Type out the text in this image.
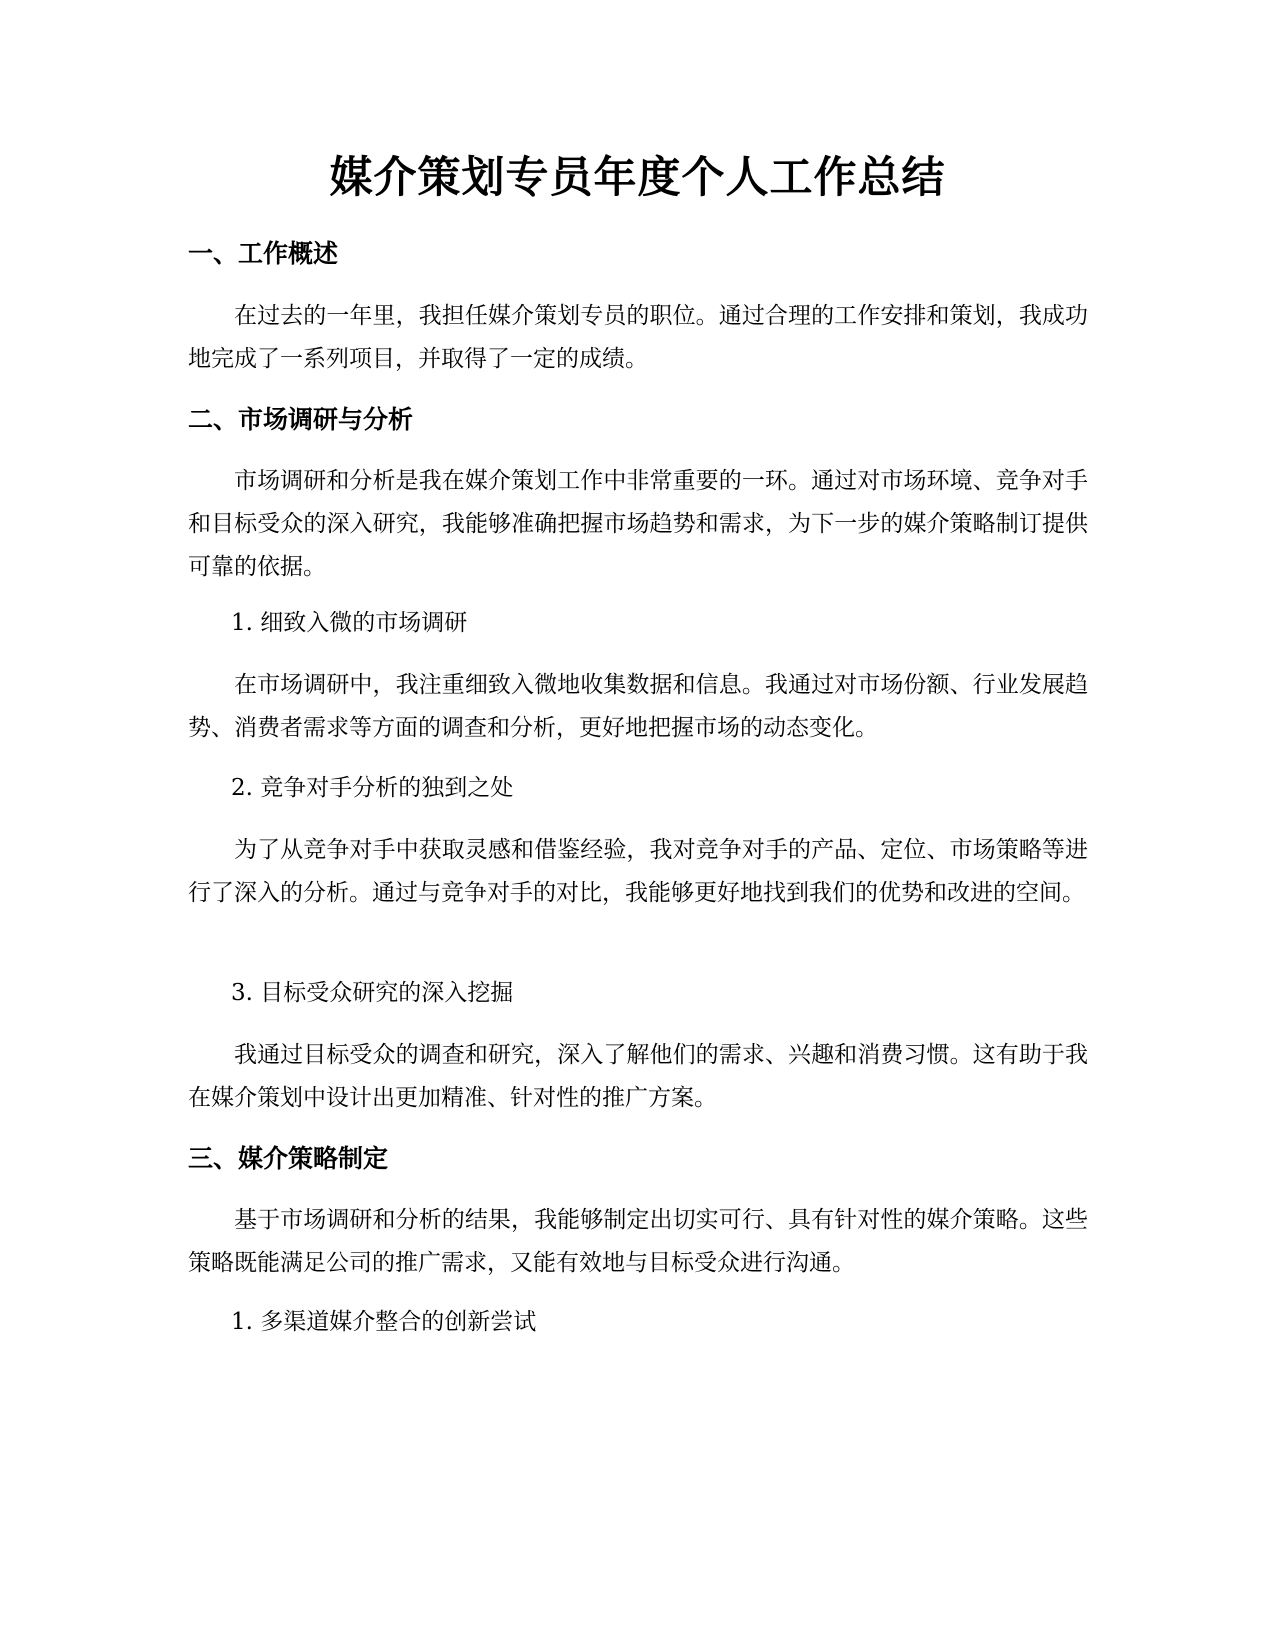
媒介策划专员年度个人工作总结
一、工作概述

在过去的一年里，我担任媒介策划专员的职位。通过合理的工作安排和策划，我成功地完成了一系列项目，并取得了一定的成绩。

二、市场调研与分析

市场调研和分析是我在媒介策划工作中非常重要的一环。通过对市场环境、竞争对手和目标受众的深入研究，我能够准确把握市场趋势和需求，为下一步的媒介策略制订提供可靠的依据。

1. 细致入微的市场调研

在市场调研中，我注重细致入微地收集数据和信息。我通过对市场份额、行业发展趋势、消费者需求等方面的调查和分析，更好地把握市场的动态变化。

2. 竞争对手分析的独到之处

为了从竞争对手中获取灵感和借鉴经验，我对竞争对手的产品、定位、市场策略等进行了深入的分析。通过与竞争对手的对比，我能够更好地找到我们的优势和改进的空间。

3. 目标受众研究的深入挖掘

我通过目标受众的调查和研究，深入了解他们的需求、兴趣和消费习惯。这有助于我在媒介策划中设计出更加精准、针对性的推广方案。

三、媒介策略制定

基于市场调研和分析的结果，我能够制定出切实可行、具有针对性的媒介策略。这些策略既能满足公司的推广需求，又能有效地与目标受众进行沟通。

1. 多渠道媒介整合的创新尝试
